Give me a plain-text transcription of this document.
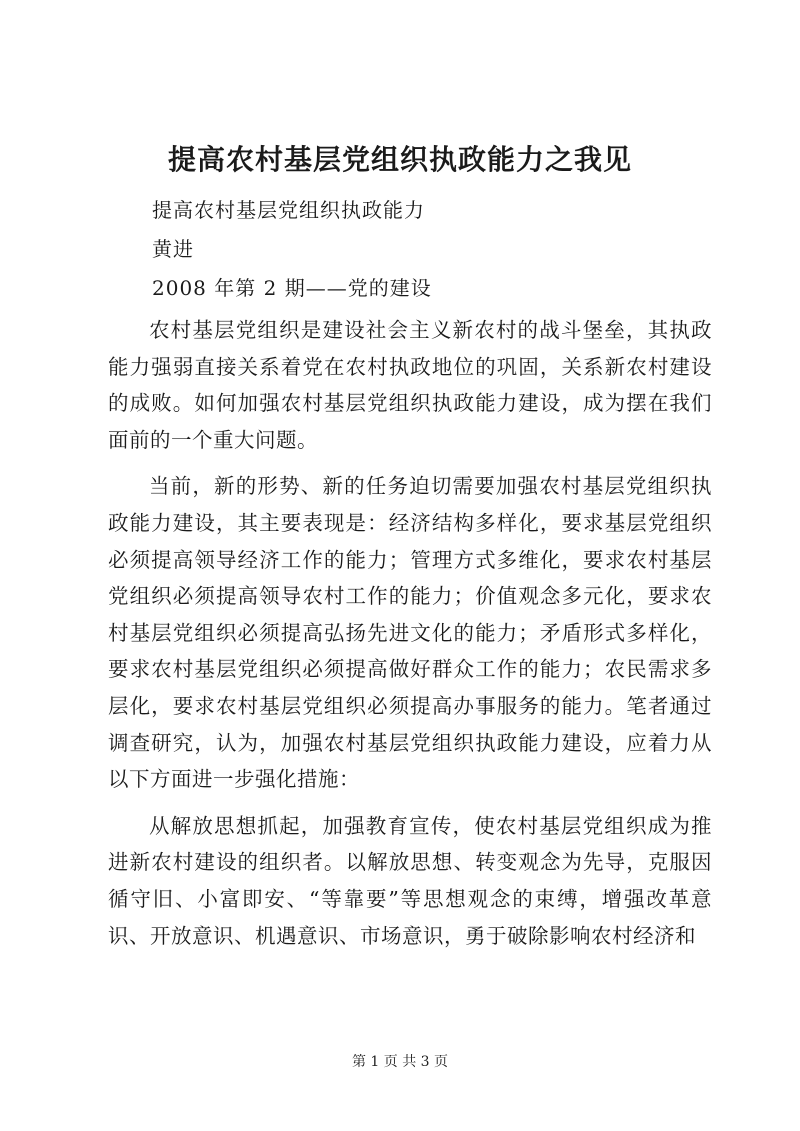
提高农村基层党组织执政能力之我见

提高农村基层党组织执政能力

黄进

2008 年第 2 期——党的建设

农村基层党组织是建设社会主义新农村的战斗堡垒，其执政能力强弱直接关系着党在农村执政地位的巩固，关系新农村建设的成败。如何加强农村基层党组织执政能力建设，成为摆在我们面前的一个重大问题。

当前，新的形势、新的任务迫切需要加强农村基层党组织执政能力建设，其主要表现是：经济结构多样化，要求基层党组织必须提高领导经济工作的能力；管理方式多维化，要求农村基层党组织必须提高领导农村工作的能力；价值观念多元化，要求农村基层党组织必须提高弘扬先进文化的能力；矛盾形式多样化，要求农村基层党组织必须提高做好群众工作的能力；农民需求多层化，要求农村基层党组织必须提高办事服务的能力。笔者通过调查研究，认为，加强农村基层党组织执政能力建设，应着力从以下方面进一步强化措施：

从解放思想抓起，加强教育宣传，使农村基层党组织成为推进新农村建设的组织者。以解放思想、转变观念为先导，克服因循守旧、小富即安、“等靠要”等思想观念的束缚，增强改革意识、开放意识、机遇意识、市场意识，勇于破除影响农村经济和

第 1 页 共 3 页
